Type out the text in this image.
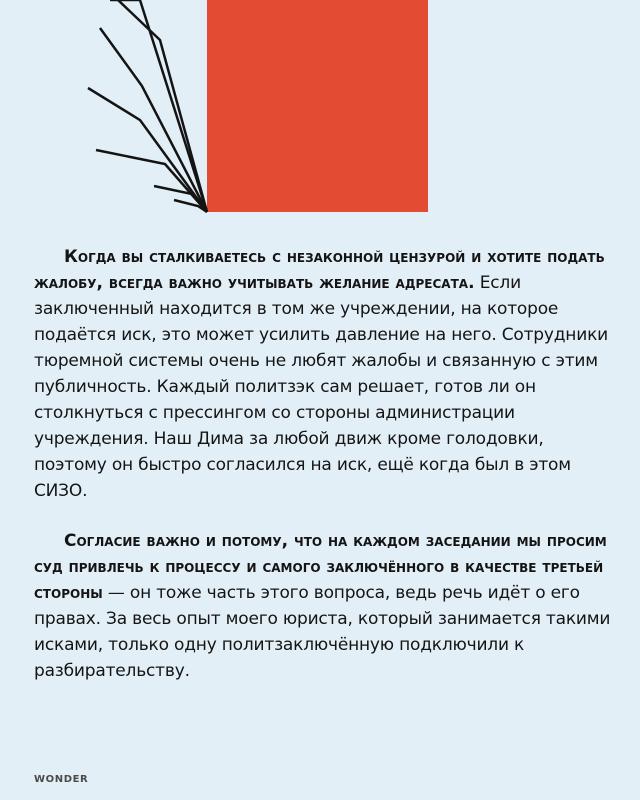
Когда вы сталкиваетесь с незаконной цензурой и хотите подать жалобу, всегда важно учитывать желание адресата. Если заключенный находится в том же учреждении, на которое подаётся иск, это может усилить давление на него. Сотрудники тюремной системы очень не любят жалобы и связанную с этим публичность. Каждый политзэк сам решает, готов ли он столкнуться с прессингом со стороны администрации учреждения. Наш Дима за любой движ кроме голодовки, поэтому он быстро согласился на иск, ещё когда был в этом СИЗО.

Согласие важно и потому, что на каждом заседании мы просим суд привлечь к процессу и самого заключённого в качестве третьей стороны — он тоже часть этого вопроса, ведь речь идёт о его правах. За весь опыт моего юриста, который занимается такими исками, только одну политзаключённую подключили к разбирательству.

WONDER
